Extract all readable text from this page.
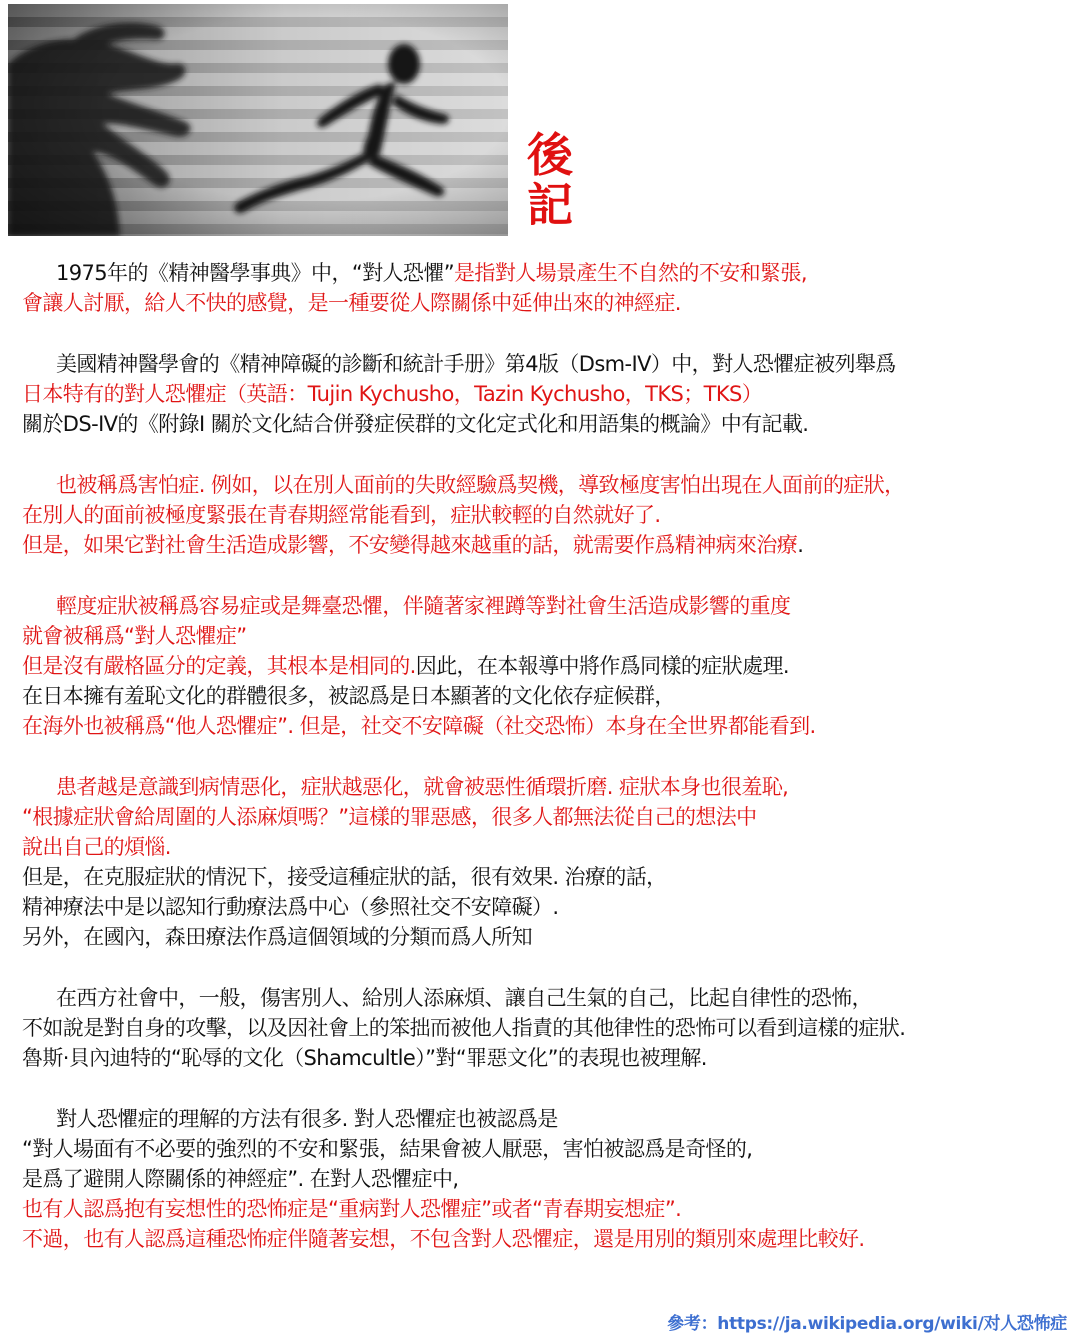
後
記
1975年的《精神醫學事典》中，“對人恐懼”是指對人場景產生不自然的不安和緊張,
會讓人討厭，給人不快的感覺，是一種要從人際關係中延伸出來的神經症.
美國精神醫學會的《精神障礙的診斷和統計手册》第4版（Dsm-IV）中，對人恐懼症被列舉爲
日本特有的對人恐懼症（英語：Tujin Kychusho，Tazin Kychusho，TKS；TKS）
關於DS-IV的《附錄I 關於文化結合併發症侯群的文化定式化和用語集的概論》中有記載.
也被稱爲害怕症. 例如，以在別人面前的失敗經驗爲契機，導致極度害怕出現在人面前的症狀，
在別人的面前被極度緊張在青春期經常能看到，症狀較輕的自然就好了.
但是，如果它對社會生活造成影響，不安變得越來越重的話，就需要作爲精神病來治療.
輕度症狀被稱爲容易症或是舞臺恐懼，伴隨著家裡蹲等對社會生活造成影響的重度
就會被稱爲“對人恐懼症”
但是沒有嚴格區分的定義，其根本是相同的.因此，在本報導中將作爲同樣的症狀處理.
在日本擁有羞恥文化的群體很多，被認爲是日本顯著的文化依存症候群，
在海外也被稱爲“他人恐懼症”. 但是，社交不安障礙（社交恐怖）本身在全世界都能看到.
患者越是意識到病情惡化，症狀越惡化，就會被惡性循環折磨. 症狀本身也很羞恥,
“根據症狀會給周圍的人添麻煩嗎？”這樣的罪惡感，很多人都無法從自己的想法中
說出自己的煩惱.
但是，在克服症狀的情況下，接受這種症狀的話，很有效果. 治療的話，
精神療法中是以認知行動療法爲中心（參照社交不安障礙）.
另外，在國內，森田療法作爲這個領域的分類而爲人所知
在西方社會中，一般，傷害別人、給別人添麻煩、讓自己生氣的自己，比起自律性的恐怖，
不如說是對自身的攻擊，以及因社會上的笨拙而被他人指責的其他律性的恐怖可以看到這樣的症狀.
魯斯·貝內迪特的“恥辱的文化（Shamcultle）”對“罪惡文化”的表現也被理解.
對人恐懼症的理解的方法有很多. 對人恐懼症也被認爲是
“對人場面有不必要的強烈的不安和緊張，結果會被人厭惡，害怕被認爲是奇怪的,
是爲了避開人際關係的神經症”. 在對人恐懼症中,
也有人認爲抱有妄想性的恐怖症是“重病對人恐懼症”或者“青春期妄想症”.
不過，也有人認爲這種恐怖症伴隨著妄想，不包含對人恐懼症，還是用別的類別來處理比較好.
參考：https://ja.wikipedia.org/wiki/对人恐怖症
